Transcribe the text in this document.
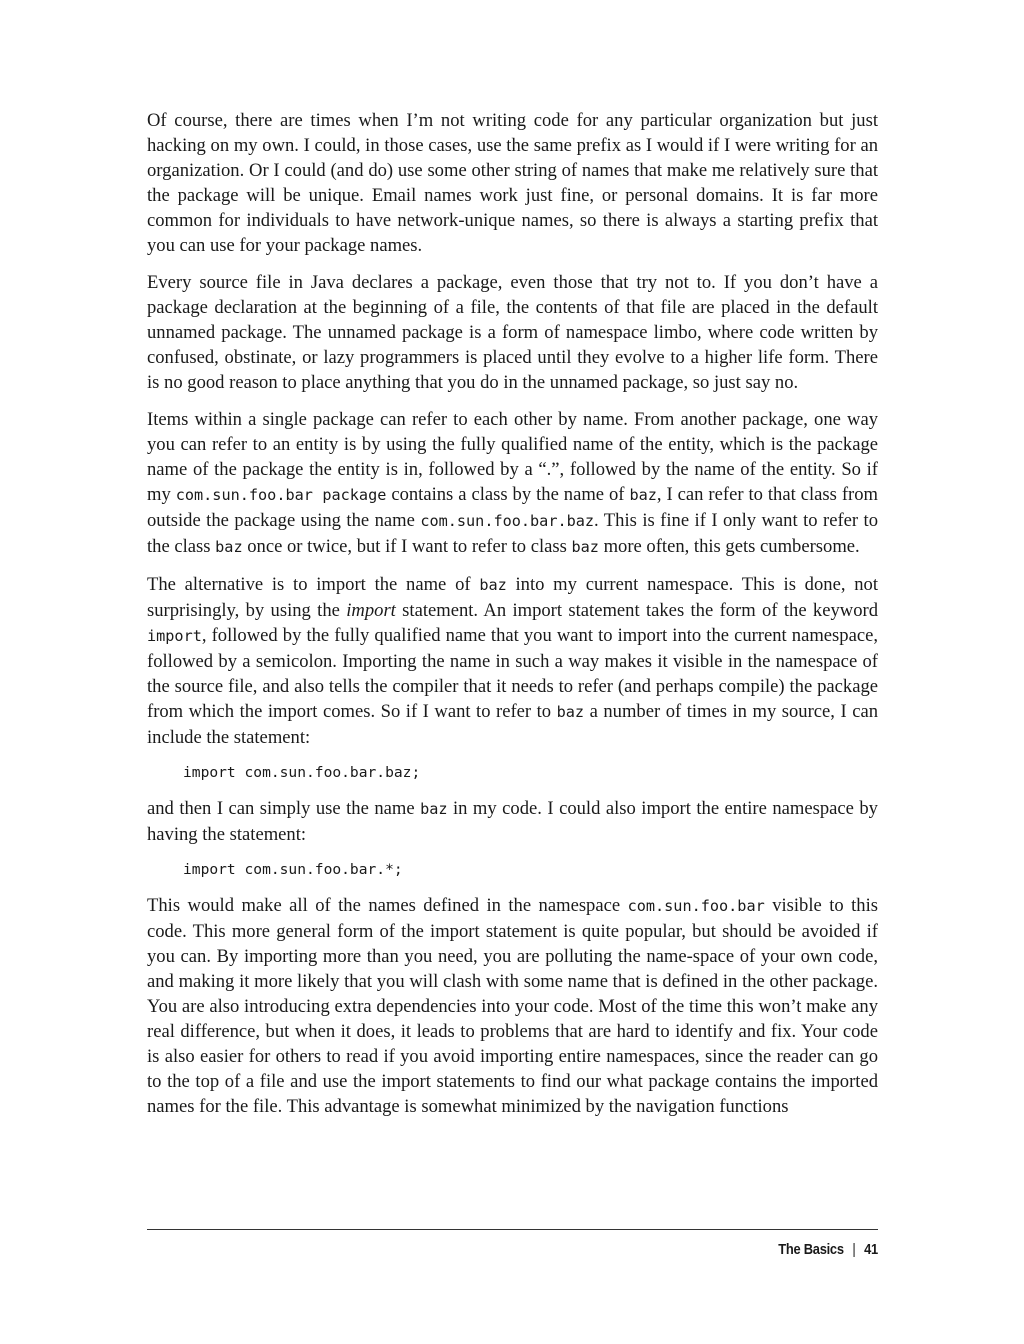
Of course, there are times when I’m not writing code for any particular organization but just hacking on my own. I could, in those cases, use the same prefix as I would if I were writing for an organization. Or I could (and do) use some other string of names that make me relatively sure that the package will be unique. Email names work just fine, or personal domains. It is far more common for individuals to have network-unique names, so there is always a starting prefix that you can use for your package names.

Every source file in Java declares a package, even those that try not to. If you don’t have a package declaration at the beginning of a file, the contents of that file are placed in the default unnamed package. The unnamed package is a form of namespace limbo, where code written by confused, obstinate, or lazy programmers is placed until they evolve to a higher life form. There is no good reason to place anything that you do in the unnamed package, so just say no.

Items within a single package can refer to each other by name. From another package, one way you can refer to an entity is by using the fully qualified name of the entity, which is the package name of the package the entity is in, followed by a “.”, followed by the name of the entity. So if my com.sun.foo.bar package contains a class by the name of baz, I can refer to that class from outside the package using the name com.sun.foo.bar.baz. This is fine if I only want to refer to the class baz once or twice, but if I want to refer to class baz more often, this gets cumbersome.

The alternative is to import the name of baz into my current namespace. This is done, not surprisingly, by using the import statement. An import statement takes the form of the keyword import, followed by the fully qualified name that you want to import into the current namespace, followed by a semicolon. Importing the name in such a way makes it visible in the namespace of the source file, and also tells the compiler that it needs to refer (and perhaps compile) the package from which the import comes. So if I want to refer to baz a number of times in my source, I can include the statement:

import com.sun.foo.bar.baz;

and then I can simply use the name baz in my code. I could also import the entire namespace by having the statement:

import com.sun.foo.bar.*;

This would make all of the names defined in the namespace com.sun.foo.bar visible to this code. This more general form of the import statement is quite popular, but should be avoided if you can. By importing more than you need, you are polluting the name-space of your own code, and making it more likely that you will clash with some name that is defined in the other package. You are also introducing extra dependencies into your code. Most of the time this won’t make any real difference, but when it does, it leads to problems that are hard to identify and fix. Your code is also easier for others to read if you avoid importing entire namespaces, since the reader can go to the top of a file and use the import statements to find our what package contains the imported names for the file. This advantage is somewhat minimized by the navigation functions

The Basics | 41
